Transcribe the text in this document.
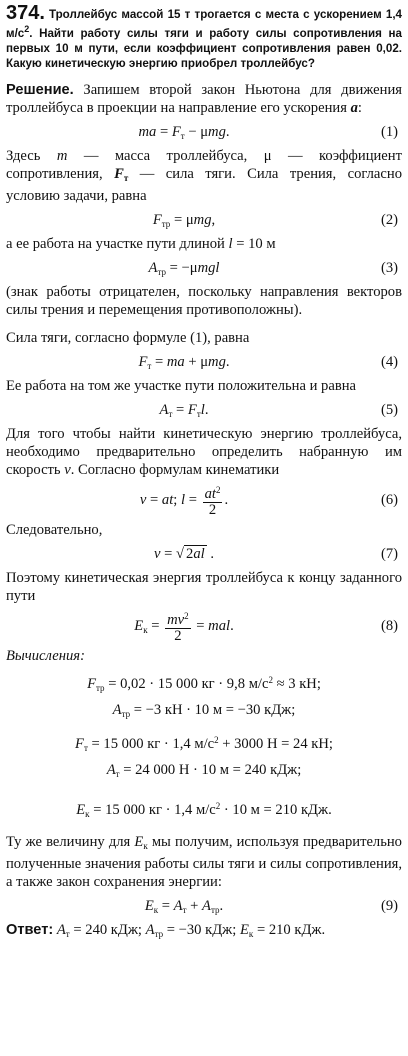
374. Троллейбус массой 15 т трогается с места с ускорением 1,4 $м/с^2$. Найти работу силы тяги и работу силы сопротивления на первых 10 м пути, если коэффициент сопротивления равен 0,02. Какую кинетическую энергию приобрел троллейбус?

Решение. Запишем второй закон Ньютона для движения троллейбуса в проекции на направление его ускорения a:

ma = $F_т - \mu mg$.	(1)

Здесь m — масса троллейбуса, μ — коэффициент сопротивления, $F_т$ — сила тяги. Сила трения, согласно условию задачи, равна

$F_{тр} = \mu mg$,	(2)

а ее работа на участке пути длиной l = 10 м

$A_{тр} = -\mu mgl$	(3)

(знак работы отрицателен, поскольку направления векторов силы трения и перемещения противоположны).

Сила тяги, согласно формуле (1), равна

$F_т$ = ma + μmg.	(4)

Ее работа на том же участке пути положительна и равна

$A_т = F_тl$.	(5)

Для того чтобы найти кинетическую энергию троллейбуса, необходимо предварительно определить набранную им скорость v. Согласно формулам кинематики

v = at; $l = \frac{at^2}{2}$ .	(6)

Следовательно,

v = √ 2al .	(7)

Поэтому кинетическая энергия троллейбуса к концу заданного пути

$E_к = \frac{mv^2}{2}$ = mal.	(8)

Вычисления:

$F_{тр} = 0,02 \cdot 15$ 000 кг · 9,8 $м/с^2 \approx 3$ кН;
$A_{тр} = -3$ кН · 10 м = −30 кДж;
$F_т = 15$ 000 кг · 1,4 $м/с^2 + 3000$ Н = 24 кН;
$A_т = 24$ 000 Н · 10 м = 240 кДж;
$E_к = 15$ 000 кг · 1,4 $м/с^2 \cdot 10$ м = 210 кДж.

Ту же величину для $E_к$ мы получим, используя предварительно полученные значения работы силы тяги и силы сопротивления, а также закон сохранения энергии:

$E_к = A_т + A_{тр}$.	(9)
Ответ: $A_т = 240$ кДж; $A_{тр} = -30$ кДж; $E_к = 210$ кДж.
